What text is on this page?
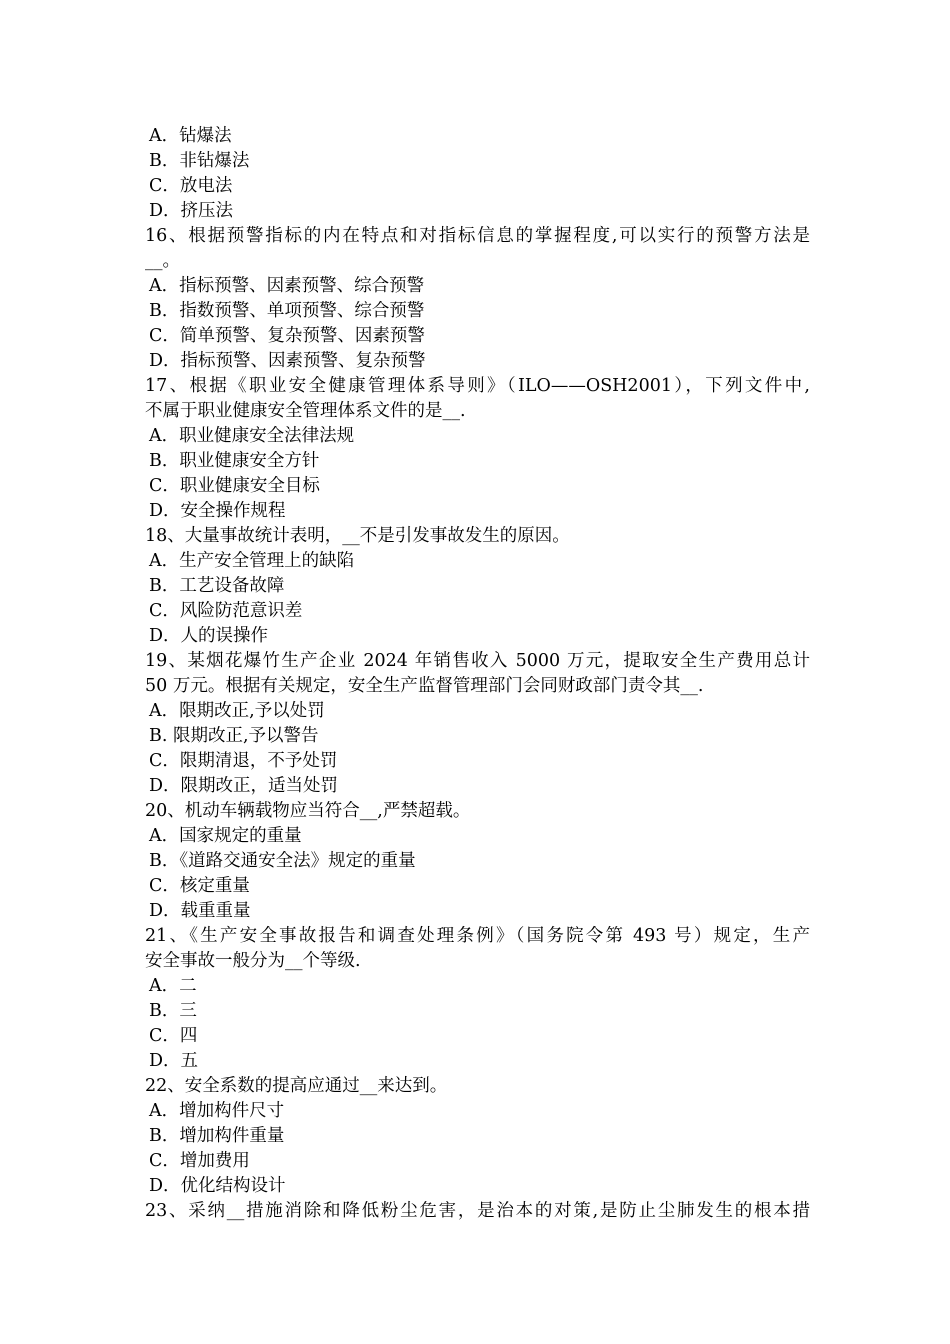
A．钻爆法
B．非钻爆法
C．放电法
D．挤压法
16、根据预警指标的内在特点和对指标信息的掌握程度,可以实行的预警方法是
__。
A．指标预警、因素预警、综合预警
B．指数预警、单项预警、综合预警
C．简单预警、复杂预警、因素预警
D．指标预警、因素预警、复杂预警
17、根据《职业安全健康管理体系导则》（ILO——OSH2001），下列文件中,
不属于职业健康安全管理体系文件的是__.
A．职业健康安全法律法规
B．职业健康安全方针
C．职业健康安全目标
D．安全操作规程
18、大量事故统计表明，__不是引发事故发生的原因。
A．生产安全管理上的缺陷
B．工艺设备故障
C．风险防范意识差
D．人的误操作
19、某烟花爆竹生产企业 2024 年销售收入 5000 万元，提取安全生产费用总计
50 万元。根据有关规定，安全生产监督管理部门会同财政部门责令其__.
A．限期改正,予以处罚
B. 限期改正,予以警告
C．限期清退，不予处罚
D．限期改正，适当处罚
20、机动车辆载物应当符合__,严禁超载。
A．国家规定的重量
B．《道路交通安全法》规定的重量
C．核定重量
D．载重重量
21、《生产安全事故报告和调查处理条例》（国务院令第 493 号）规定，生产
安全事故一般分为__个等级.
A．二
B．三
C．四
D．五
22、安全系数的提高应通过__来达到。
A．增加构件尺寸
B．增加构件重量
C．增加费用
D．优化结构设计
23、采纳__措施消除和降低粉尘危害，是治本的对策,是防止尘肺发生的根本措
